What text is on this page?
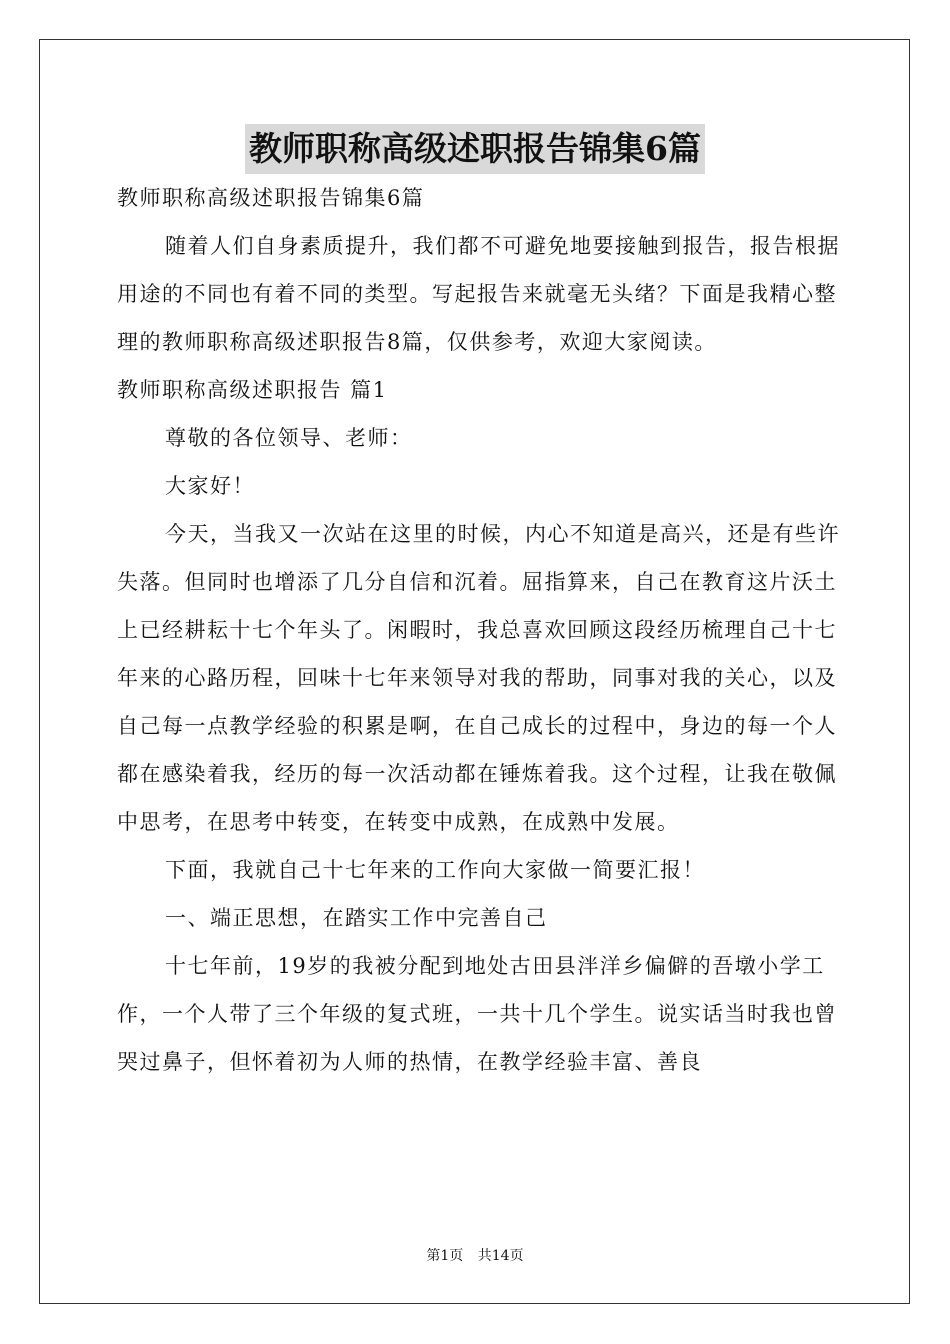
教师职称高级述职报告锦集6篇

教师职称高级述职报告锦集6篇

随着人们自身素质提升，我们都不可避免地要接触到报告，报告根据用途的不同也有着不同的类型。写起报告来就毫无头绪？下面是我精心整理的教师职称高级述职报告8篇，仅供参考，欢迎大家阅读。

教师职称高级述职报告 篇1

尊敬的各位领导、老师：

大家好！

今天，当我又一次站在这里的时候，内心不知道是高兴，还是有些许失落。但同时也增添了几分自信和沉着。屈指算来，自己在教育这片沃土上已经耕耘十七个年头了。闲暇时，我总喜欢回顾这段经历梳理自己十七年来的心路历程，回味十七年来领导对我的帮助，同事对我的关心，以及自己每一点教学经验的积累是啊，在自己成长的过程中，身边的每一个人都在感染着我，经历的每一次活动都在锤炼着我。这个过程，让我在敬佩中思考，在思考中转变，在转变中成熟，在成熟中发展。

下面，我就自己十七年来的工作向大家做一简要汇报！

一、端正思想，在踏实工作中完善自己

十七年前，19岁的我被分配到地处古田县泮洋乡偏僻的吾墩小学工作，一个人带了三个年级的复式班，一共十几个学生。说实话当时我也曾哭过鼻子，但怀着初为人师的热情，在教学经验丰富、善良

第1页 共14页
